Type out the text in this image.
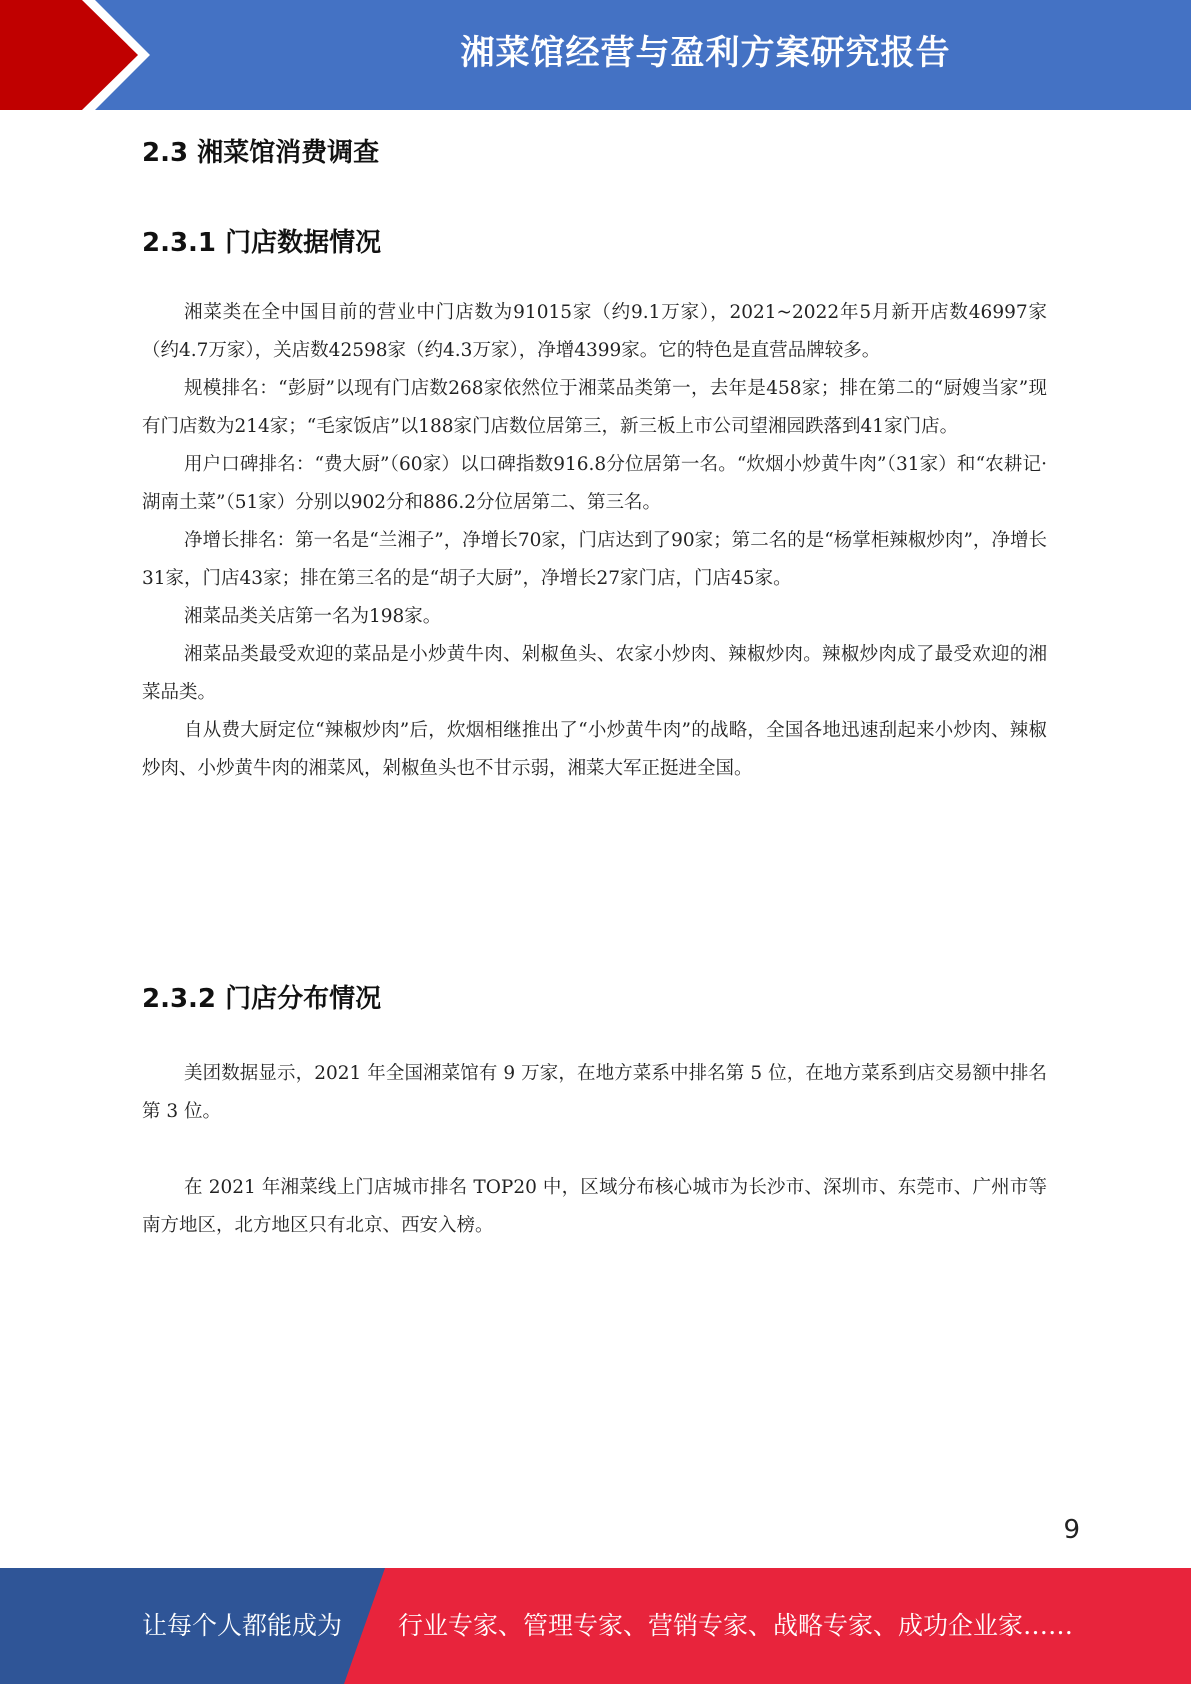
湘菜馆经营与盈利方案研究报告
2.3 湘菜馆消费调查
2.3.1 门店数据情况

湘菜类在全中国目前的营业中门店数为91015家（约9.1万家），2021~2022年5月新开店数46997家（约4.7万家），关店数42598家（约4.3万家），净增4399家。它的特色是直营品牌较多。

规模排名：“彭厨”以现有门店数268家依然位于湘菜品类第一，去年是458家；排在第二的“厨嫂当家”现有门店数为214家；“毛家饭店”以188家门店数位居第三，新三板上市公司望湘园跌落到41家门店。

用户口碑排名：“费大厨”（60家）以口碑指数916.8分位居第一名。“炊烟小炒黄牛肉”（31家）和“农耕记·湖南土菜”（51家）分别以902分和886.2分位居第二、第三名。

净增长排名：第一名是“兰湘子”，净增长70家，门店达到了90家；第二名的是“杨掌柜辣椒炒肉”，净增长31家，门店43家；排在第三名的是“胡子大厨”，净增长27家门店，门店45家。

湘菜品类关店第一名为198家。

湘菜品类最受欢迎的菜品是小炒黄牛肉、剁椒鱼头、农家小炒肉、辣椒炒肉。辣椒炒肉成了最受欢迎的湘菜品类。

自从费大厨定位“辣椒炒肉”后，炊烟相继推出了“小炒黄牛肉”的战略，全国各地迅速刮起来小炒肉、辣椒炒肉、小炒黄牛肉的湘菜风，剁椒鱼头也不甘示弱，湘菜大军正挺进全国。

2.3.2 门店分布情况

美团数据显示，2021 年全国湘菜馆有 9 万家，在地方菜系中排名第 5 位，在地方菜系到店交易额中排名第 3 位。

在 2021 年湘菜线上门店城市排名 TOP20 中，区域分布核心城市为长沙市、深圳市、东莞市、广州市等南方地区，北方地区只有北京、西安入榜。

9
让每个人都能成为 行业专家、管理专家、营销专家、战略专家、成功企业家……
